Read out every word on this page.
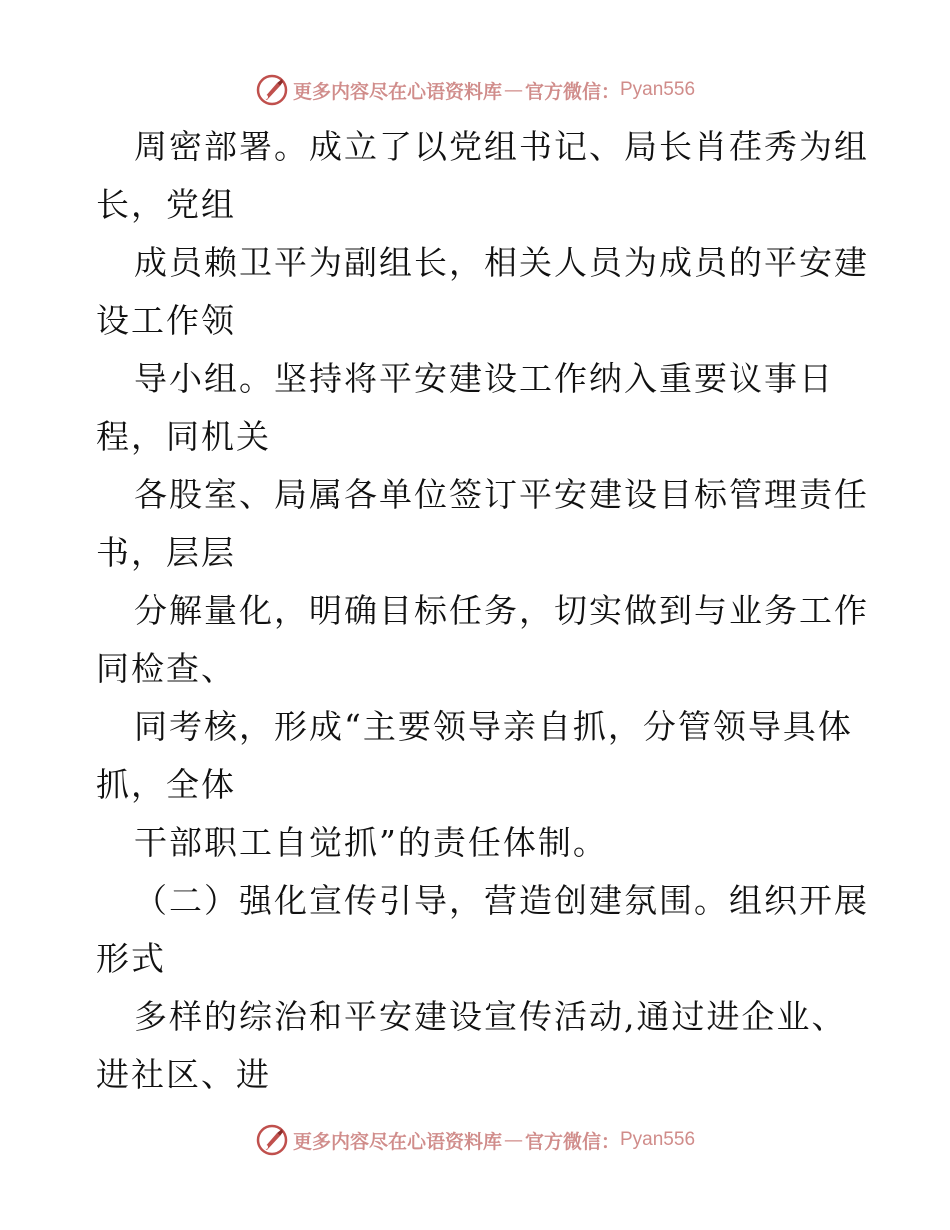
更多内容尽在心语资料库 — 官方微信： Pyan556
周密部署。成立了以党组书记、局长肖荏秀为组
长，党组
成员赖卫平为副组长，相关人员为成员的平安建
设工作领
导小组。坚持将平安建设工作纳入重要议事日
程，同机关
各股室、局属各单位签订平安建设目标管理责任
书，层层
分解量化，明确目标任务，切实做到与业务工作
同检查、
同考核，形成“主要领导亲自抓，分管领导具体
抓，全体
干部职工自觉抓”的责任体制。
（二）强化宣传引导，营造创建氛围。组织开展
形式
多样的综治和平安建设宣传活动,通过进企业、
进社区、进
更多内容尽在心语资料库 — 官方微信： Pyan556
